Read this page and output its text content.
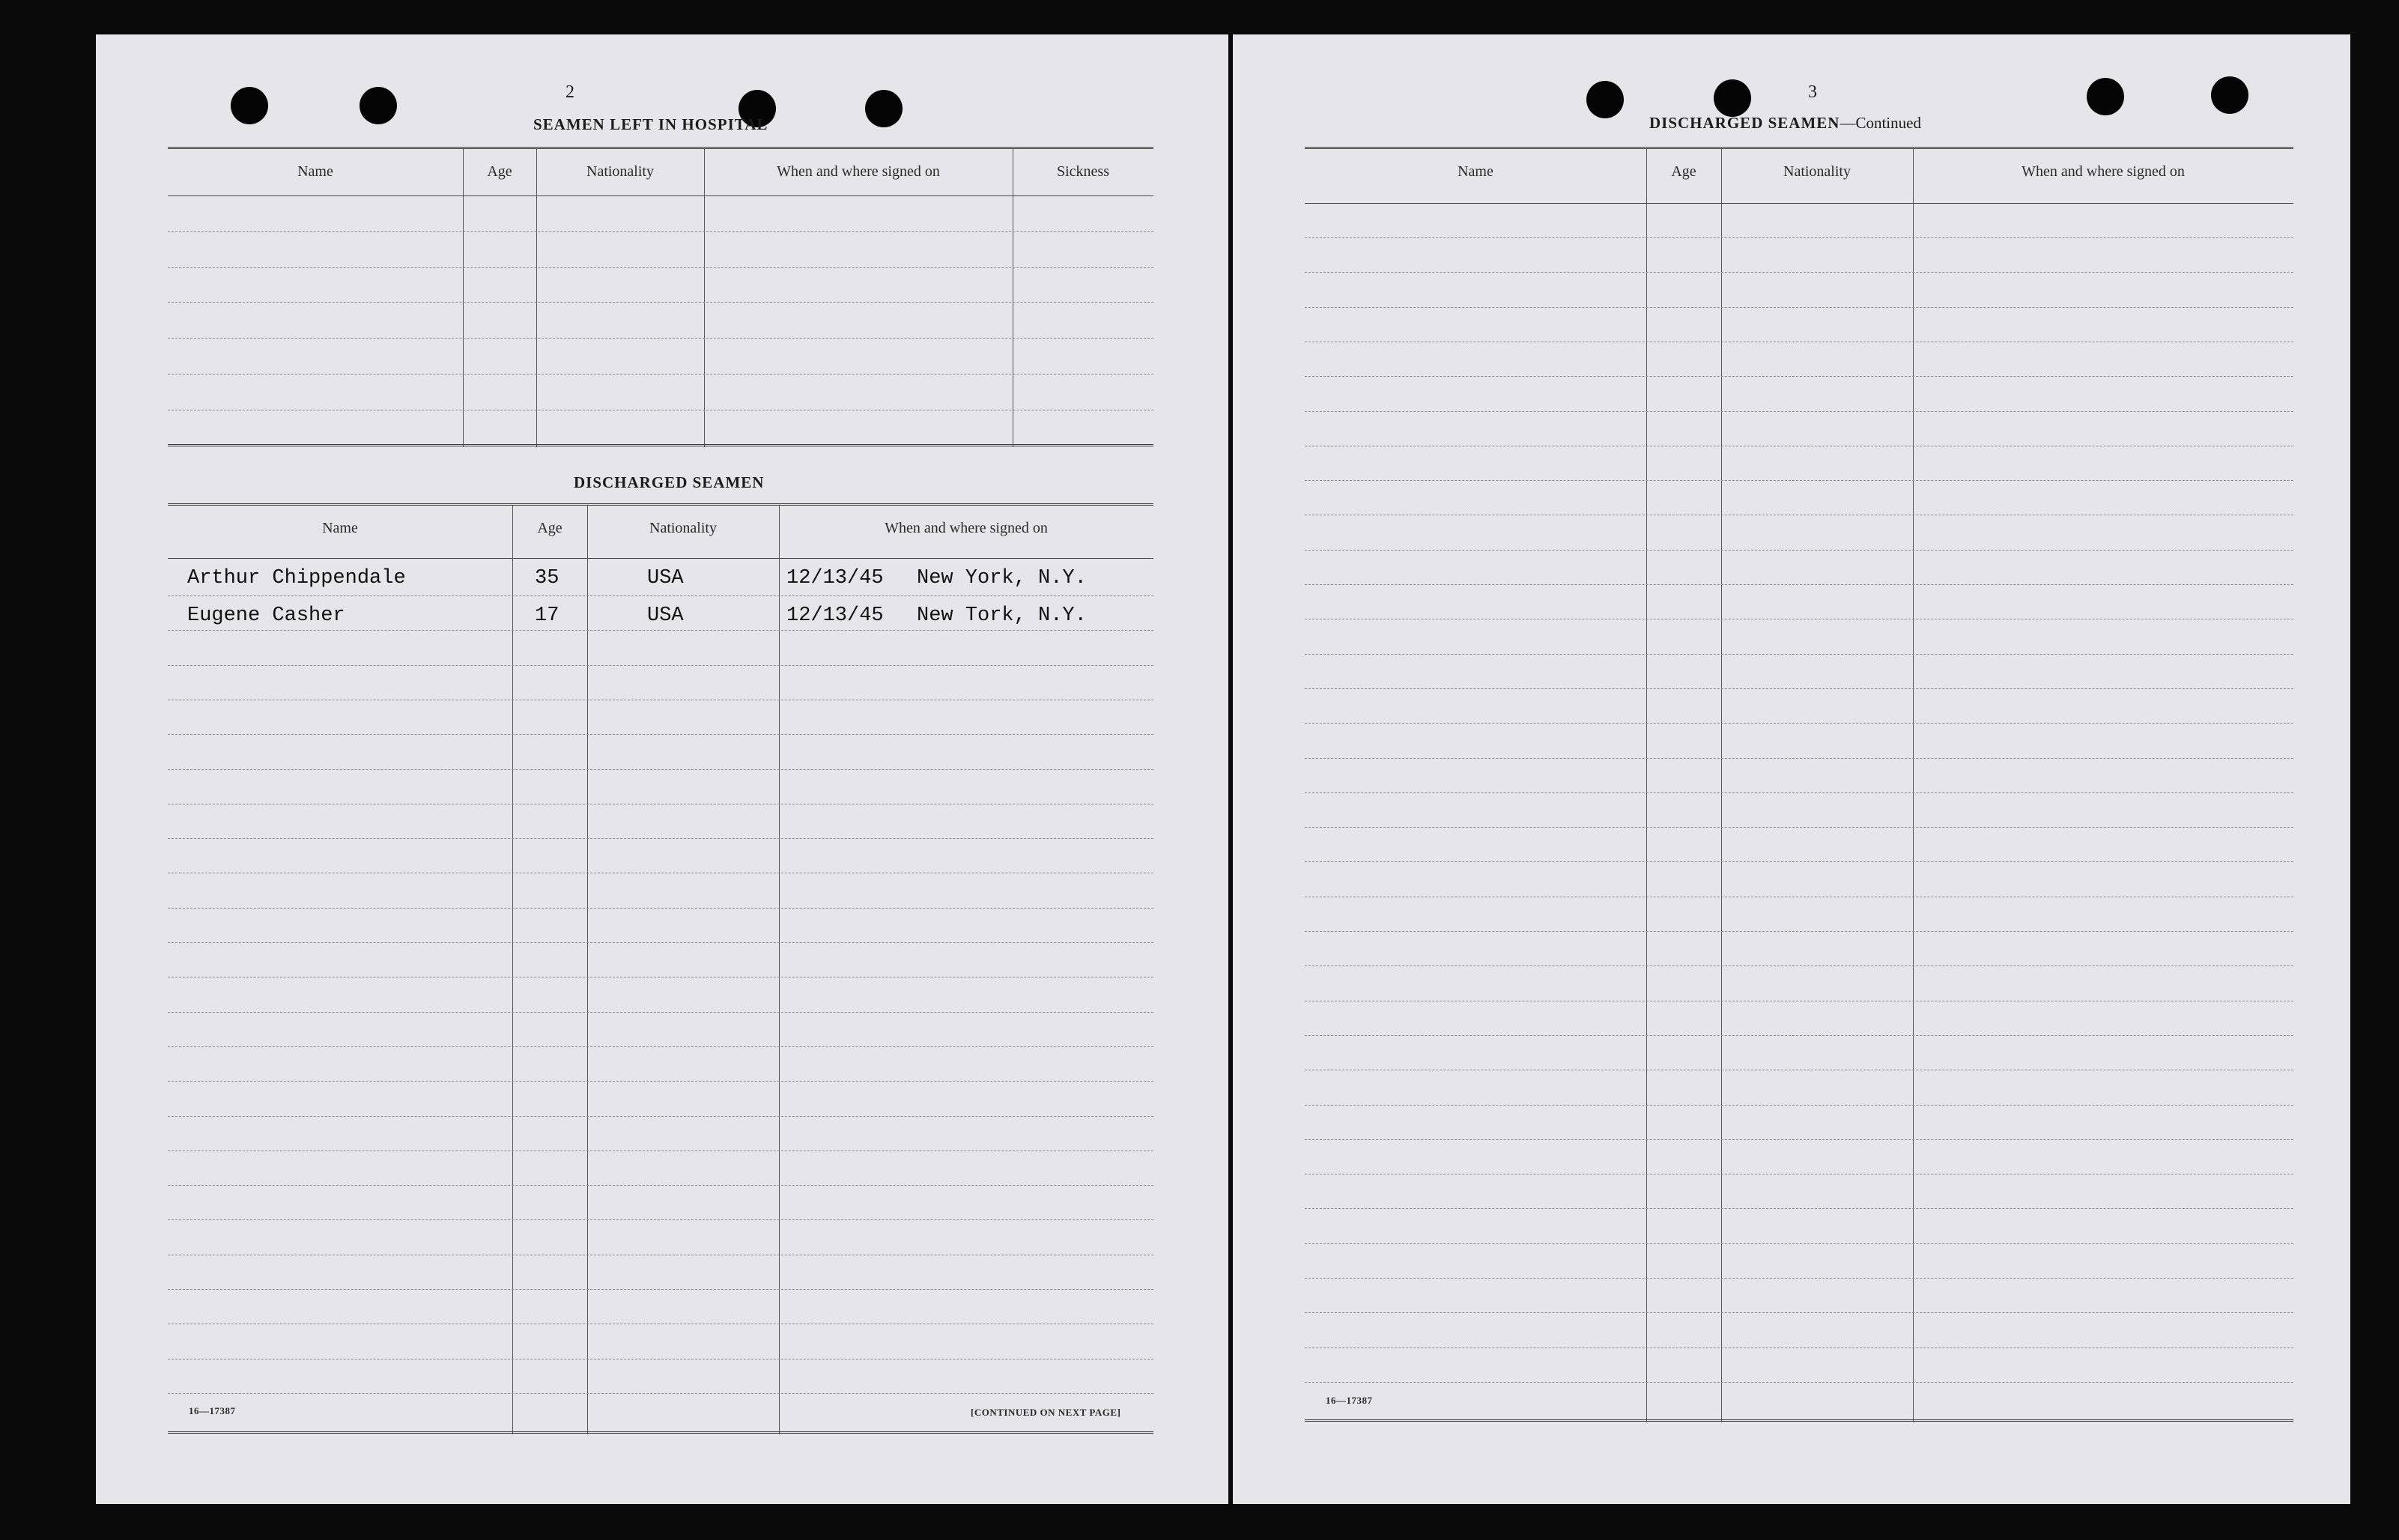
2
SEAMEN LEFT IN HOSPITAL
Name	Age	Nationality	When and where signed on	Sickness
DISCHARGED SEAMEN
Name	Age	Nationality	When and where signed on
Arthur Chippendale	35	USA	12/13/45 New York, N.Y.
Eugene Casher	17	USA	12/13/45 New Tork, N.Y.
16—17387	[CONTINUED ON NEXT PAGE]
3
DISCHARGED SEAMEN—Continued
Name	Age	Nationality	When and where signed on
16—17387
